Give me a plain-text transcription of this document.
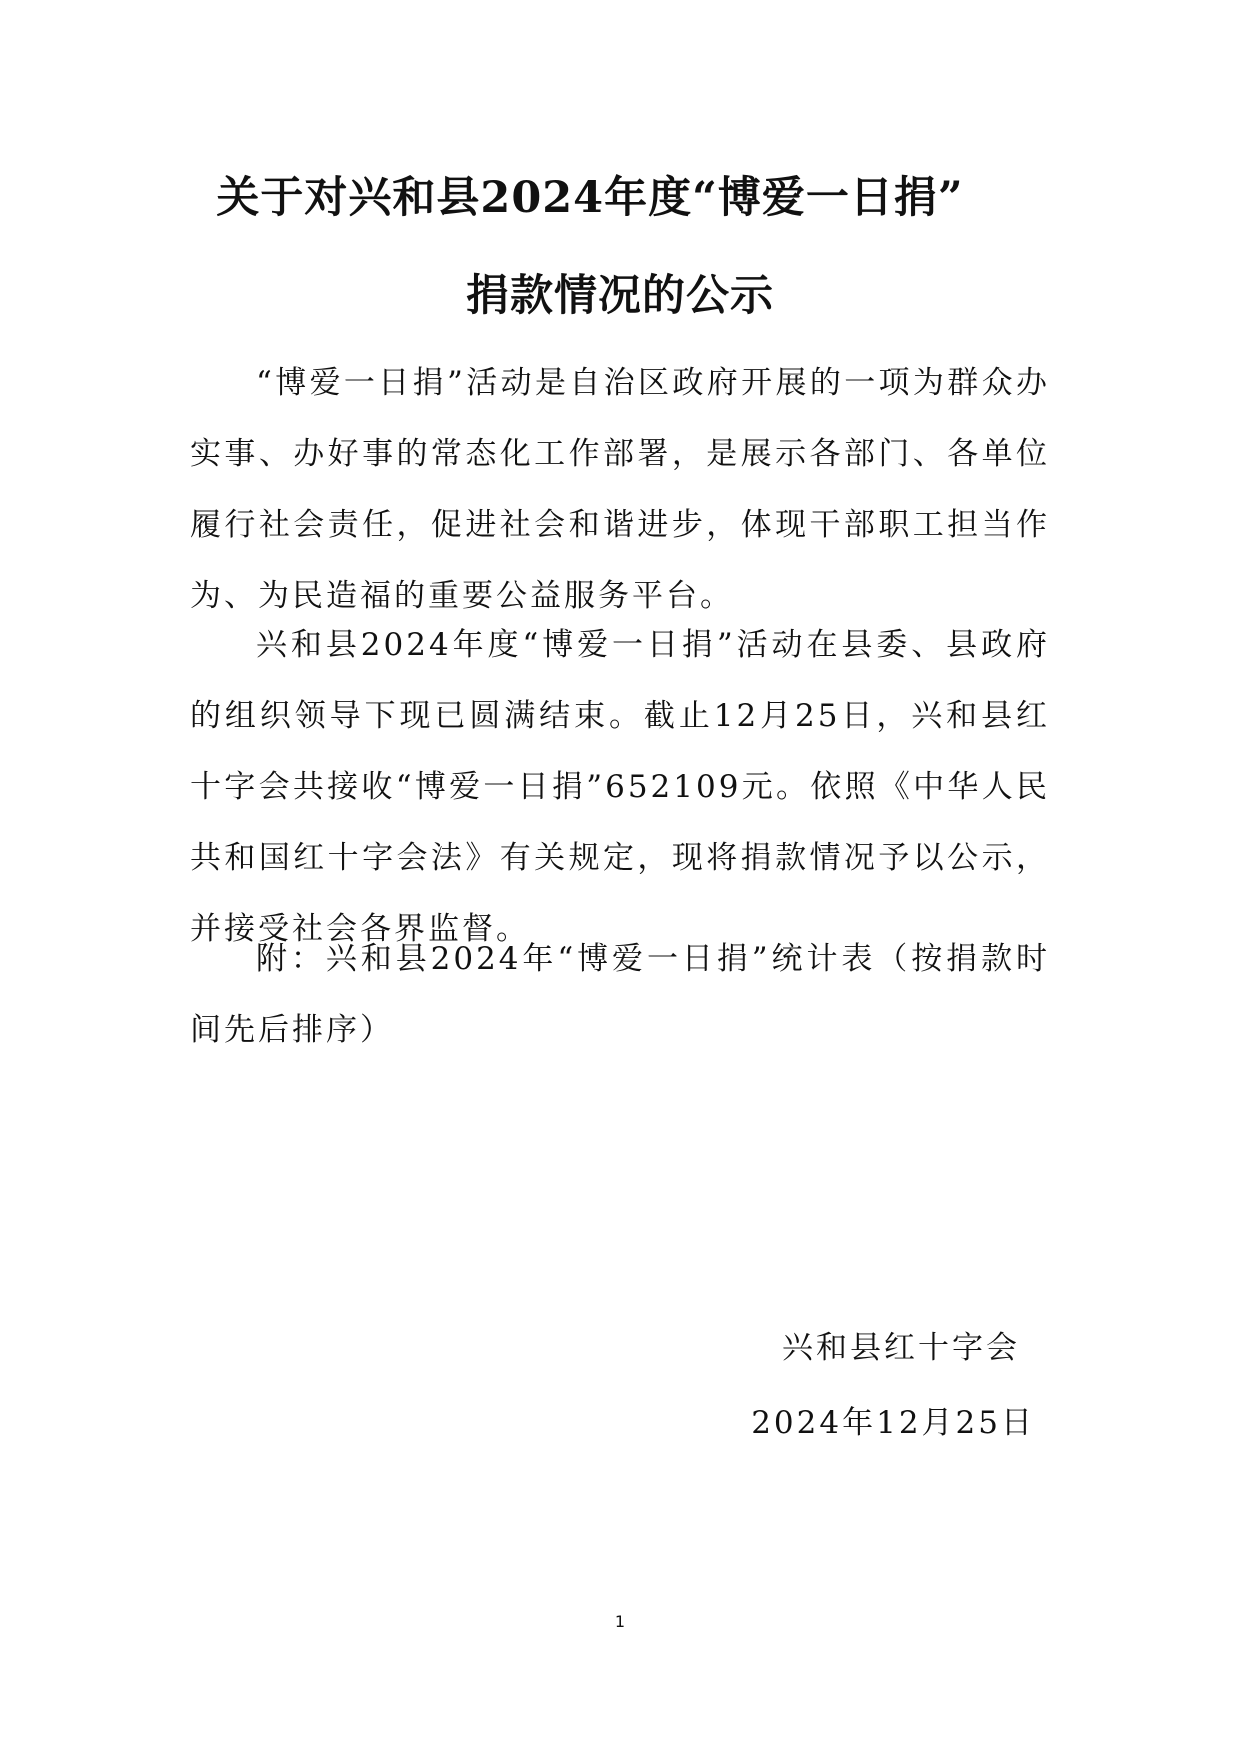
关于对兴和县2024年度“博爱一日捐”
捐款情况的公示

“博爱一日捐”活动是自治区政府开展的一项为群众办实事、办好事的常态化工作部署，是展示各部门、各单位履行社会责任，促进社会和谐进步，体现干部职工担当作为、为民造福的重要公益服务平台。

兴和县2024年度“博爱一日捐”活动在县委、县政府的组织领导下现已圆满结束。截止12月25日，兴和县红十字会共接收“博爱一日捐”652109元。依照《中华人民共和国红十字会法》有关规定，现将捐款情况予以公示，并接受社会各界监督。

附：兴和县2024年“博爱一日捐”统计表（按捐款时间先后排序）

兴和县红十字会
2024年12月25日
1
